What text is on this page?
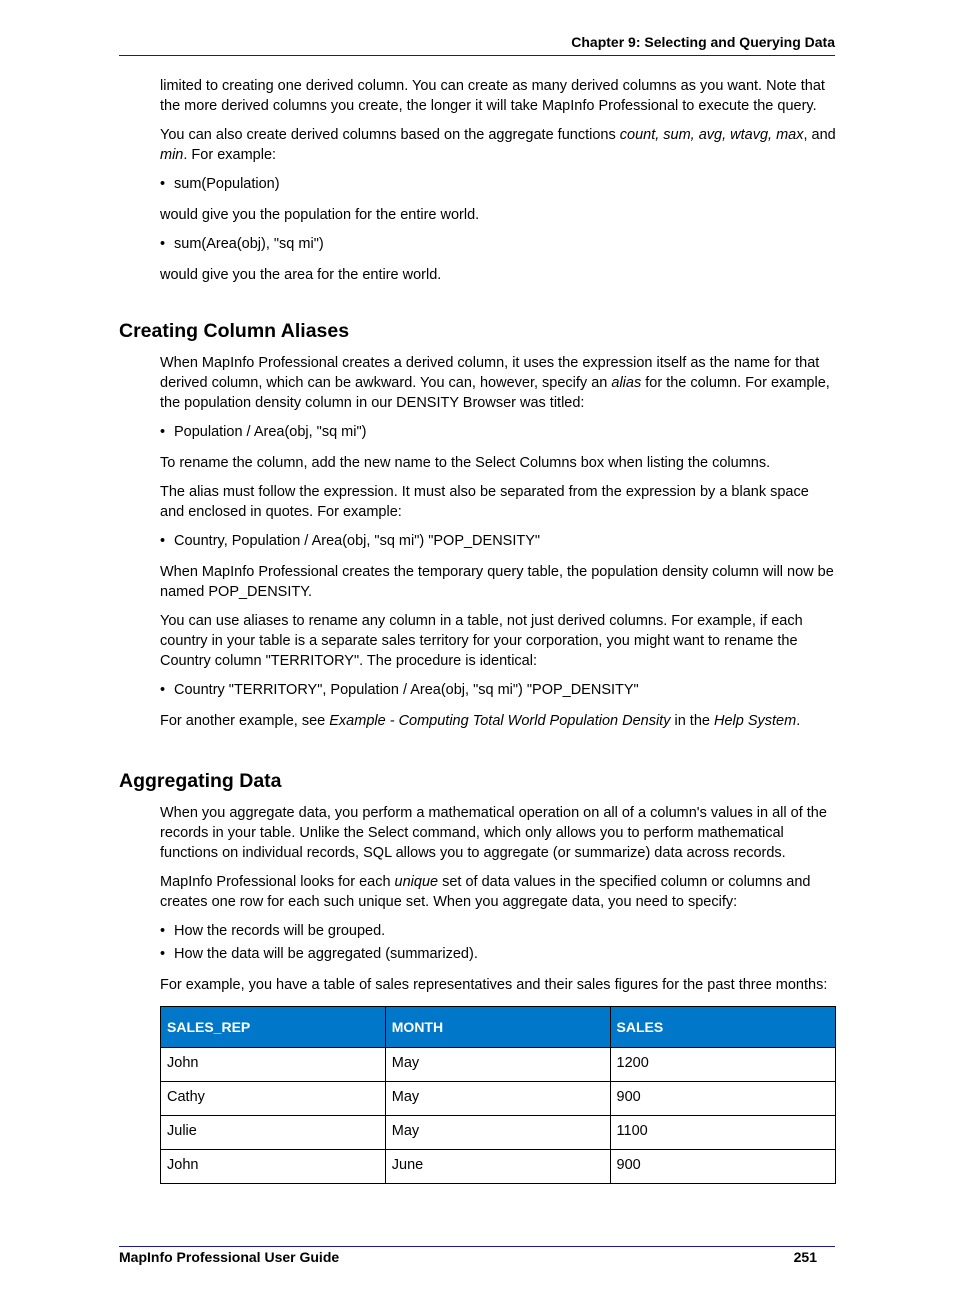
Chapter 9: Selecting and Querying Data

limited to creating one derived column. You can create as many derived columns as you want. Note that the more derived columns you create, the longer it will take MapInfo Professional to execute the query.

You can also create derived columns based on the aggregate functions count, sum, avg, wtavg, max, and min. For example:

• sum(Population)

would give you the population for the entire world.

• sum(Area(obj), "sq mi")

would give you the area for the entire world.

Creating Column Aliases

When MapInfo Professional creates a derived column, it uses the expression itself as the name for that derived column, which can be awkward. You can, however, specify an alias for the column. For example, the population density column in our DENSITY Browser was titled:

• Population / Area(obj, "sq mi")

To rename the column, add the new name to the Select Columns box when listing the columns.

The alias must follow the expression. It must also be separated from the expression by a blank space and enclosed in quotes. For example:

• Country, Population / Area(obj, "sq mi") "POP_DENSITY"

When MapInfo Professional creates the temporary query table, the population density column will now be named POP_DENSITY.

You can use aliases to rename any column in a table, not just derived columns. For example, if each country in your table is a separate sales territory for your corporation, you might want to rename the Country column "TERRITORY". The procedure is identical:

• Country "TERRITORY", Population / Area(obj, "sq mi") "POP_DENSITY"

For another example, see Example - Computing Total World Population Density in the Help System.

Aggregating Data

When you aggregate data, you perform a mathematical operation on all of a column's values in all of the records in your table. Unlike the Select command, which only allows you to perform mathematical functions on individual records, SQL allows you to aggregate (or summarize) data across records.

MapInfo Professional looks for each unique set of data values in the specified column or columns and creates one row for each such unique set. When you aggregate data, you need to specify:

• How the records will be grouped.
• How the data will be aggregated (summarized).

For example, you have a table of sales representatives and their sales figures for the past three months:

SALES_REP	MONTH	SALES
John	May	1200
Cathy	May	900
Julie	May	1100
John	June	900
MapInfo Professional User Guide	251
